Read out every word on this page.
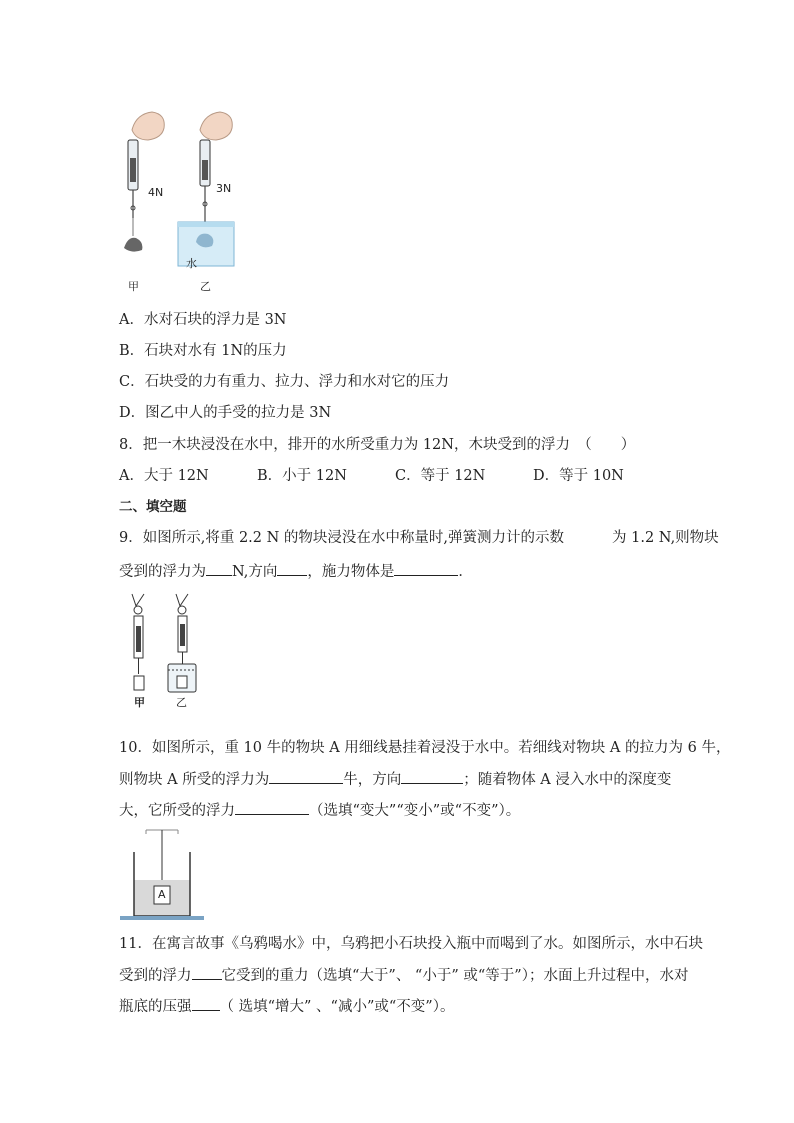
4N	3N
水
甲	乙
A．水对石块的浮力是 3N
B．石块对水有 1N的压力
C．石块受的力有重力、拉力、浮力和水对它的压力
D．图乙中人的手受的拉力是 3N
8．把一木块浸没在水中，排开的水所受重力为 12N，木块受到的浮力　（　　）
A．大于 12N	B．小于 12N	C．等于 12N	D．等于 10N
二、填空题
9．如图所示,将重 2.2 N 的物块浸没在水中称量时,弹簧测力计的示数	为 1.2 N,则物块
受到的浮力为 N,方向 ，施力物体是	．
甲	乙
10．如图所示，重 10 牛的物块 A 用细线悬挂着浸没于水中。若细线对物块 A 的拉力为 6 牛，
则物块 A 所受的浮力为	牛，方向	；随着物体 A 浸入水中的深度变
大，它所受的浮力	（选填“变大”“变小”或“不变”）。
A
11．在寓言故事《乌鸦喝水》中，乌鸦把小石块投入瓶中而喝到了水。如图所示，水中石块
受到的浮力 它受到的重力（选填“大于”、 “小于” 或“等于”）；水面上升过程中，水对
瓶底的压强 （ 选填“增大” 、“减小”或“不变”）。
